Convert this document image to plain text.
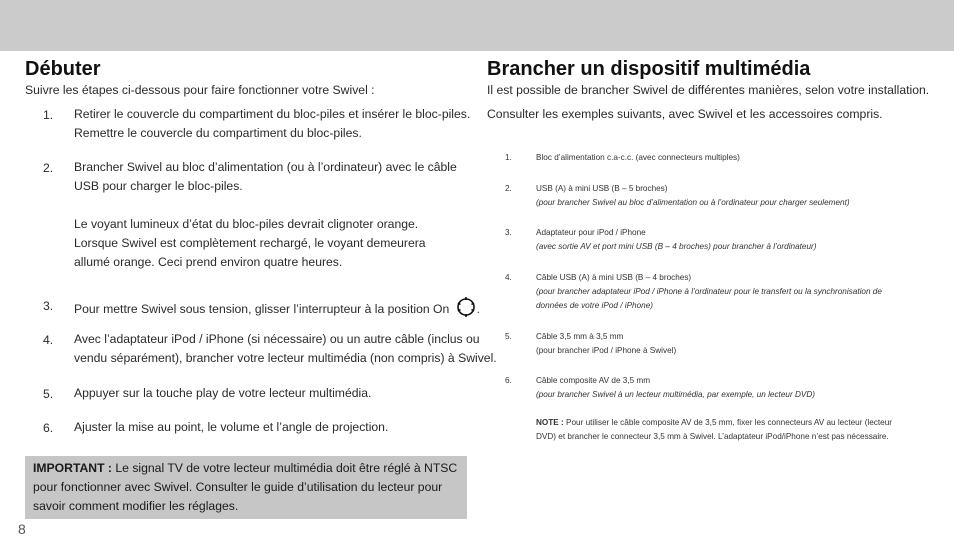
Débuter
Suivre les étapes ci-dessous pour faire fonctionner votre Swivel :
1. Retirer le couvercle du compartiment du bloc-piles et insérer le bloc-piles.
Remettre le couvercle du compartiment du bloc-piles.
2. Brancher Swivel au bloc d’alimentation (ou à l’ordinateur) avec le câble
USB pour charger le bloc-piles.
Le voyant lumineux d’état du bloc-piles devrait clignoter orange.
Lorsque Swivel est complètement rechargé, le voyant demeurera
allumé orange. Ceci prend environ quatre heures.
3. Pour mettre Swivel sous tension, glisser l’interrupteur à la position On .
4. Avec l’adaptateur iPod / iPhone (si nécessaire) ou un autre câble (inclus ou
vendu séparément), brancher votre lecteur multimédia (non compris) à Swivel.
5. Appuyer sur la touche play de votre lecteur multimédia.
6. Ajuster la mise au point, le volume et l’angle de projection.
IMPORTANT : Le signal TV de votre lecteur multimédia doit être réglé à NTSC
pour fonctionner avec Swivel. Consulter le guide d’utilisation du lecteur pour
savoir comment modifier les réglages.
8
Brancher un dispositif multimédia
Il est possible de brancher Swivel de différentes manières, selon votre installation.
Consulter les exemples suivants, avec Swivel et les accessoires compris.
1.	Bloc d’alimentation c.a-c.c. (avec connecteurs multiples)
2.	USB (A) à mini USB (B – 5 broches)
(pour brancher Swivel au bloc d’alimentation ou à l’ordinateur pour charger seulement)
3.	Adaptateur pour iPod / iPhone
(avec sortie AV et port mini USB (B – 4 broches) pour brancher à l’ordinateur)
4.	Câble USB (A) à mini USB (B – 4 broches)
(pour brancher adaptateur iPod / iPhone à l’ordinateur pour le transfert ou la synchronisation de
données de votre iPod / iPhone)
5.	Câble 3,5 mm à 3,5 mm
(pour brancher iPod / iPhone à Swivel)
6.	Câble composite AV de 3,5 mm
(pour brancher Swivel à un lecteur multimédia, par exemple, un lecteur DVD)
NOTE : Pour utiliser le câble composite AV de 3,5 mm, fixer les connecteurs AV au lecteur (lecteur
DVD) et brancher le connecteur 3,5 mm à Swivel. L’adaptateur iPod/iPhone n’est pas nécessaire.
